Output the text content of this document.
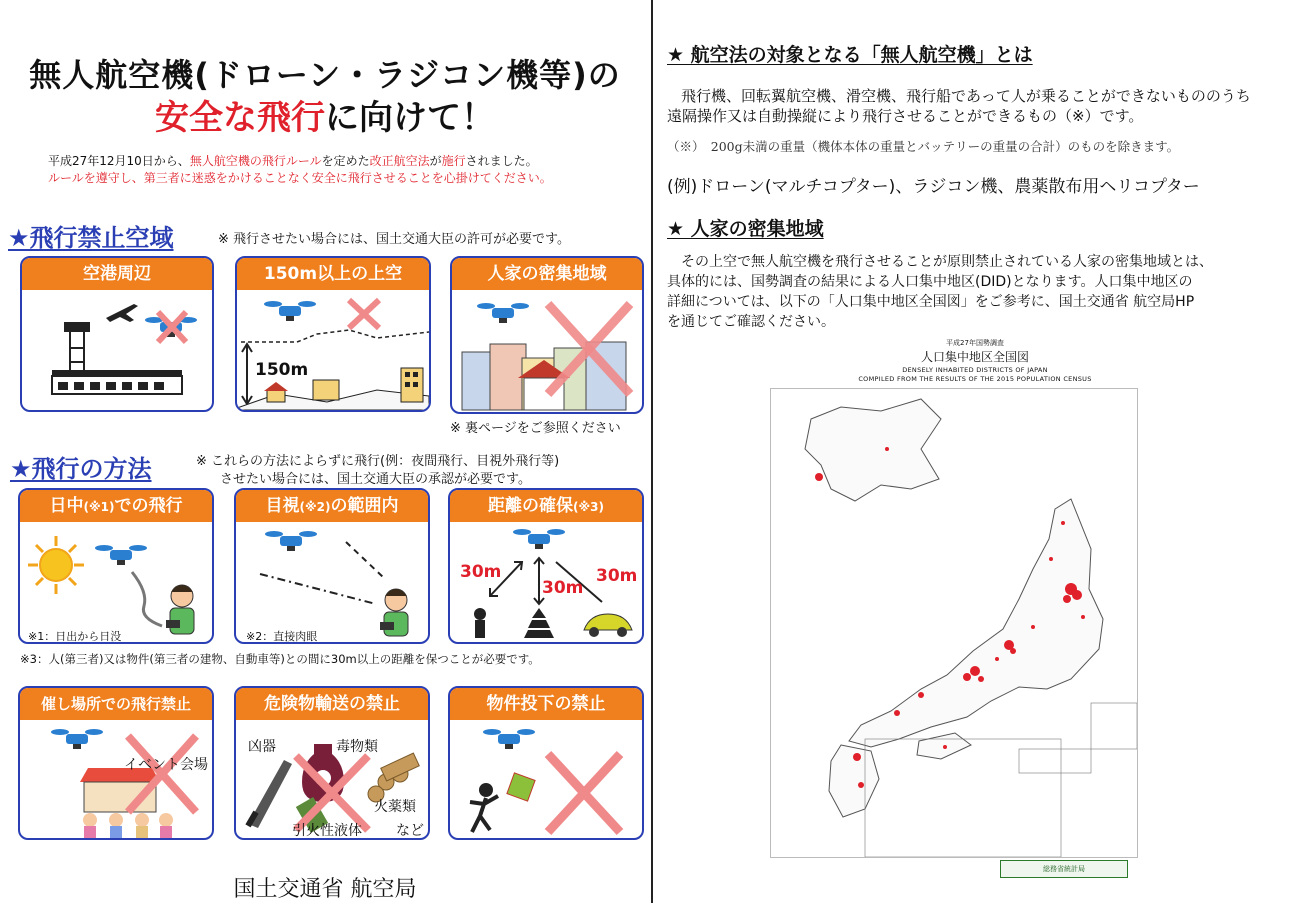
無人航空機(ドローン・ラジコン機等)の
安全な飛行に向けて！
平成27年12月10日から、無人航空機の飛行ルールを定めた改正航空法が施行されました。
ルールを遵守し、第三者に迷惑をかけることなく安全に飛行させることを心掛けてください。
★飛行禁止空域	※ 飛行させたい場合には、国土交通大臣の許可が必要です。
空港周辺	150m以上の上空
150m
人家の密集地域
※ 裏ページをご参照ください
★飛行の方法	※ これらの方法によらずに飛行(例：夜間飛行、目視外飛行等)
させたい場合には、国土交通大臣の承認が必要です。
日中(※1)での飛行
※1：日出から日没
目視(※2)の範囲内
※2：直接肉眼
距離の確保(※3)
30m
30m
30m
※3：人(第三者)又は物件(第三者の建物、自動車等)との間に30m以上の距離を保つことが必要です。
催し場所での飛行禁止
イベント会場
危険物輸送の禁止
凶器	毒物類
火薬類
引火性液体 など
物件投下の禁止
国土交通省 航空局
★ 航空法の対象となる「無人航空機」とは
飛行機、回転翼航空機、滑空機、飛行船であって人が乗ることができないもののうち
遠隔操作又は自動操縦により飛行させることができるもの（※）です。
（※）　200g未満の重量（機体本体の重量とバッテリーの重量の合計）のものを除きます。
(例)ドローン(マルチコプター)、ラジコン機、農薬散布用ヘリコプター
★ 人家の密集地域
その上空で無人航空機を飛行させることが原則禁止されている人家の密集地域とは、
具体的には、国勢調査の結果による人口集中地区(DID)となります。人口集中地区の
詳細については、以下の「人口集中地区全国図」をご参考に、国土交通省 航空局HP
を通じてご確認ください。
平成27年国勢調査
人口集中地区全国図
DENSELY INHABITED DISTRICTS OF JAPAN
COMPILED FROM THE RESULTS OF THE 2015 POPULATION CENSUS
総務省統計局
